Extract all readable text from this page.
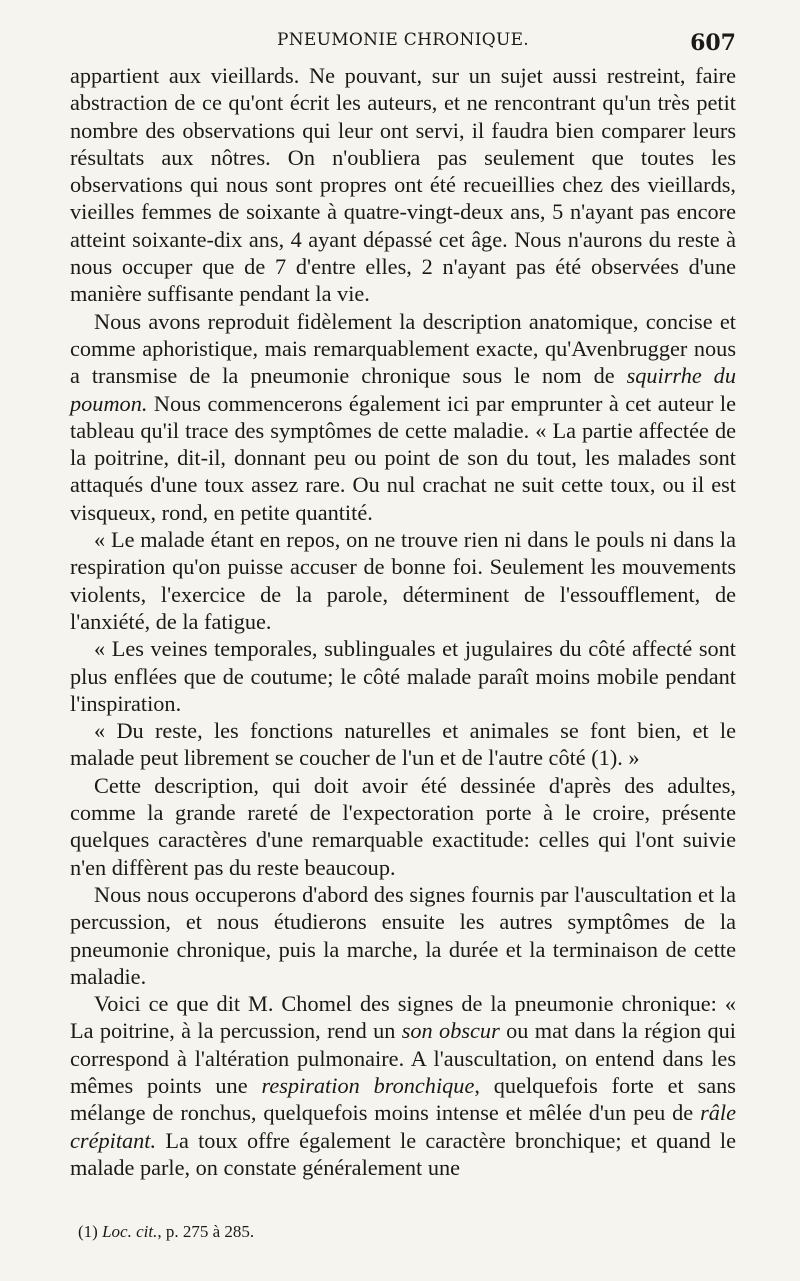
PNEUMONIE CHRONIQUE.	607

appartient aux vieillards. Ne pouvant, sur un sujet aussi restreint, faire abstraction de ce qu'ont écrit les auteurs, et ne rencontrant qu'un très petit nombre des observations qui leur ont servi, il faudra bien comparer leurs résultats aux nôtres. On n'oubliera pas seulement que toutes les observations qui nous sont propres ont été recueillies chez des vieillards, vieilles femmes de soixante à quatre-vingt-deux ans, 5 n'ayant pas encore atteint soixante-dix ans, 4 ayant dépassé cet âge. Nous n'aurons du reste à nous occuper que de 7 d'entre elles, 2 n'ayant pas été observées d'une manière suffisante pendant la vie.

Nous avons reproduit fidèlement la description anatomique, concise et comme aphoristique, mais remarquablement exacte, qu'Avenbrugger nous a transmise de la pneumonie chronique sous le nom de squirrhe du poumon. Nous commencerons également ici par emprunter à cet auteur le tableau qu'il trace des symptômes de cette maladie. « La partie affectée de la poitrine, dit-il, donnant peu ou point de son du tout, les malades sont attaqués d'une toux assez rare. Ou nul crachat ne suit cette toux, ou il est visqueux, rond, en petite quantité.

« Le malade étant en repos, on ne trouve rien ni dans le pouls ni dans la respiration qu'on puisse accuser de bonne foi. Seulement les mouvements violents, l'exercice de la parole, déterminent de l'essoufflement, de l'anxiété, de la fatigue.

« Les veines temporales, sublinguales et jugulaires du côté affecté sont plus enflées que de coutume; le côté malade paraît moins mobile pendant l'inspiration.

« Du reste, les fonctions naturelles et animales se font bien, et le malade peut librement se coucher de l'un et de l'autre côté (1). »

Cette description, qui doit avoir été dessinée d'après des adultes, comme la grande rareté de l'expectoration porte à le croire, présente quelques caractères d'une remarquable exactitude: celles qui l'ont suivie n'en diffèrent pas du reste beaucoup.

Nous nous occuperons d'abord des signes fournis par l'auscultation et la percussion, et nous étudierons ensuite les autres symptômes de la pneumonie chronique, puis la marche, la durée et la terminaison de cette maladie.

Voici ce que dit M. Chomel des signes de la pneumonie chronique: « La poitrine, à la percussion, rend un son obscur ou mat dans la région qui correspond à l'altération pulmonaire. A l'auscultation, on entend dans les mêmes points une respiration bronchique, quelquefois forte et sans mélange de ronchus, quelquefois moins intense et mêlée d'un peu de râle crépitant. La toux offre également le caractère bronchique; et quand le malade parle, on constate généralement une

(1) Loc. cit., p. 275 à 285.
